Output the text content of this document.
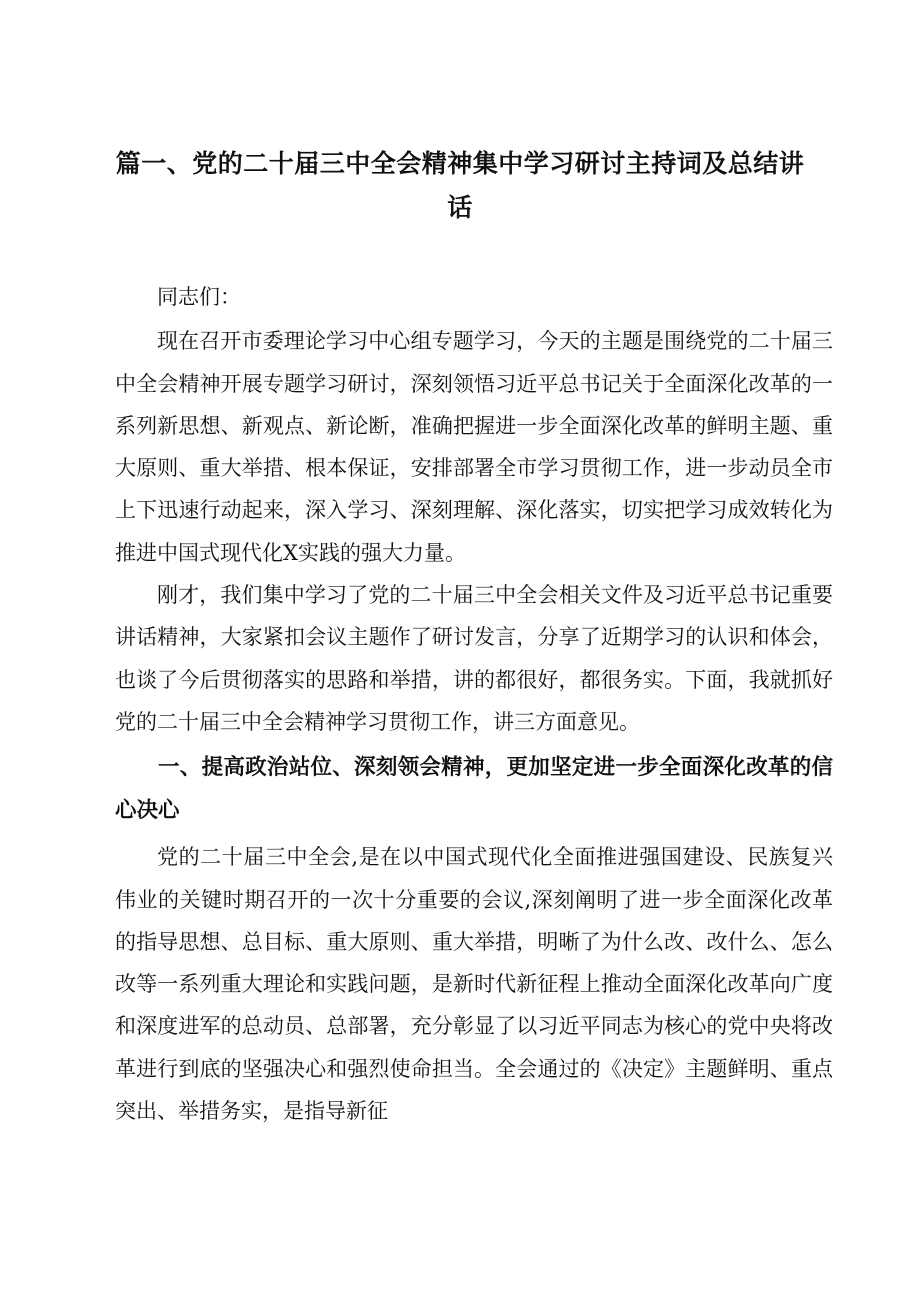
篇一、党的二十届三中全会精神集中学习研讨主持词及总结讲话

同志们：

现在召开市委理论学习中心组专题学习，今天的主题是围绕党的二十届三中全会精神开展专题学习研讨，深刻领悟习近平总书记关于全面深化改革的一系列新思想、新观点、新论断，准确把握进一步全面深化改革的鲜明主题、重大原则、重大举措、根本保证，安排部署全市学习贯彻工作，进一步动员全市上下迅速行动起来，深入学习、深刻理解、深化落实，切实把学习成效转化为推进中国式现代化X实践的强大力量。

刚才，我们集中学习了党的二十届三中全会相关文件及习近平总书记重要讲话精神，大家紧扣会议主题作了研讨发言，分享了近期学习的认识和体会，也谈了今后贯彻落实的思路和举措，讲的都很好，都很务实。下面，我就抓好党的二十届三中全会精神学习贯彻工作，讲三方面意见。

一、提高政治站位、深刻领会精神，更加坚定进一步全面深化改革的信心决心

党的二十届三中全会,是在以中国式现代化全面推进强国建设、民族复兴伟业的关键时期召开的一次十分重要的会议,深刻阐明了进一步全面深化改革的指导思想、总目标、重大原则、重大举措，明晰了为什么改、改什么、怎么改等一系列重大理论和实践问题，是新时代新征程上推动全面深化改革向广度和深度进军的总动员、总部署，充分彰显了以习近平同志为核心的党中央将改革进行到底的坚强决心和强烈使命担当。全会通过的《决定》主题鲜明、重点突出、举措务实，是指导新征
